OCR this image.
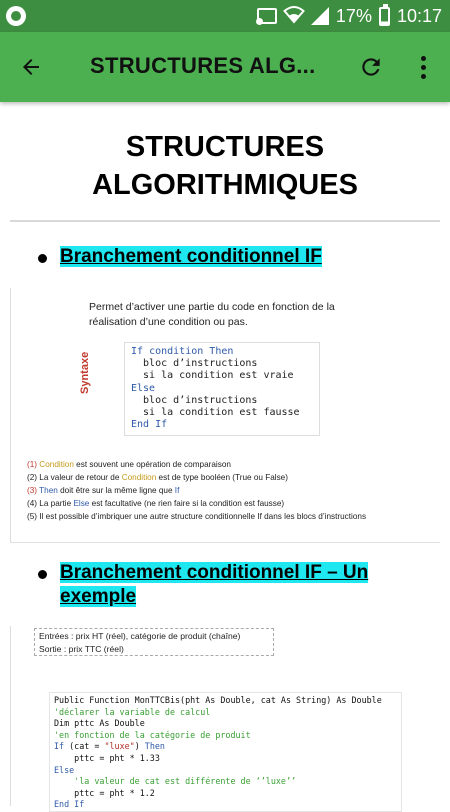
17% 10:17
STRUCTURES ALG...
STRUCTURES
ALGORITHMIQUES
Branchement conditionnel IF
Permet d’activer une partie du code en fonction de la
réalisation d’une condition ou pas.
Syntaxe
If condition Then
bloc d’instructions
si la condition est vraie
Else
bloc d’instructions
si la condition est fausse
End If
(1) Condition est souvent une opération de comparaison
(2) La valeur de retour de Condition est de type booléen (True ou False)
(3) Then doit être sur la même ligne que If
(4) La partie Else est facultative (ne rien faire si la condition est fausse)
(5) Il est possible d’imbriquer une autre structure conditionnelle If dans les blocs d’instructions
Branchement conditionnel IF – Un
exemple
Entrées : prix HT (réel), catégorie de produit (chaîne)
Sortie : prix TTC (réel)
Public Function MonTTCBis(pht As Double, cat As String) As Double
'déclarer la variable de calcul
Dim pttc As Double
'en fonction de la catégorie de produit
If (cat = "luxe") Then
pttc = pht * 1.33
Else
'la valeur de cat est différente de ‘’luxe’’
pttc = pht * 1.2
End If
